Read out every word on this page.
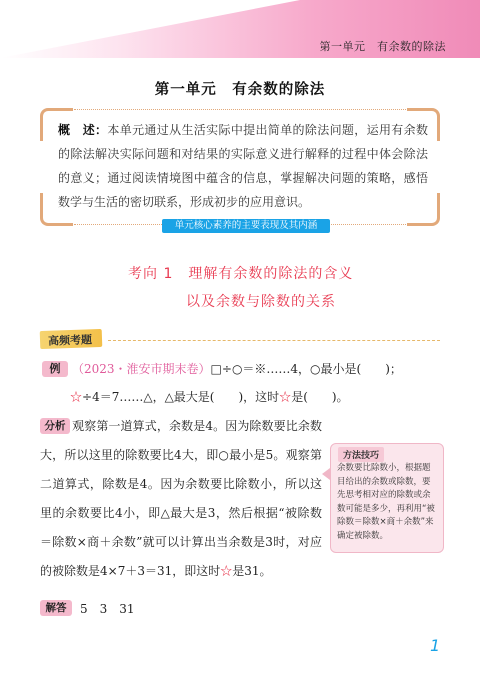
第一单元　有余数的除法
第一单元　有余数的除法
概　述：本单元通过从生活实际中提出简单的除法问题，运用有余数的除法解决实际问题和对结果的实际意义进行解释的过程中体会除法的意义；通过阅读情境图中蕴含的信息，掌握解决问题的策略，感悟数学与生活的密切联系，形成初步的应用意识。
单元核心素养的主要表现及其内涵
考向 1　理解有余数的除法的含义
以及余数与除数的关系
高频考题
例 （2023・淮安市期末卷）□÷○＝※……4，○最小是(　　)；
☆÷4＝7……△，△最大是(　　)，这时☆是(　　)。
分析 观察第一道算式，余数是4。因为除数要比余数大，所以这里的除数要比4大，即○最小是5。观察第二道算式，除数是4。因为余数要比除数小，所以这里的余数要比4小，即△最大是3，然后根据“被除数＝除数×商＋余数”就可以计算出当余数是3时，对应的被除数是4×7＋3＝31，即这时☆是31。
方法技巧
余数要比除数小，根据题目给出的余数或除数，要先思考相对应的除数或余数可能是多少，再利用“被除数＝除数×商＋余数”来确定被除数。
解答	5　3　31
1
